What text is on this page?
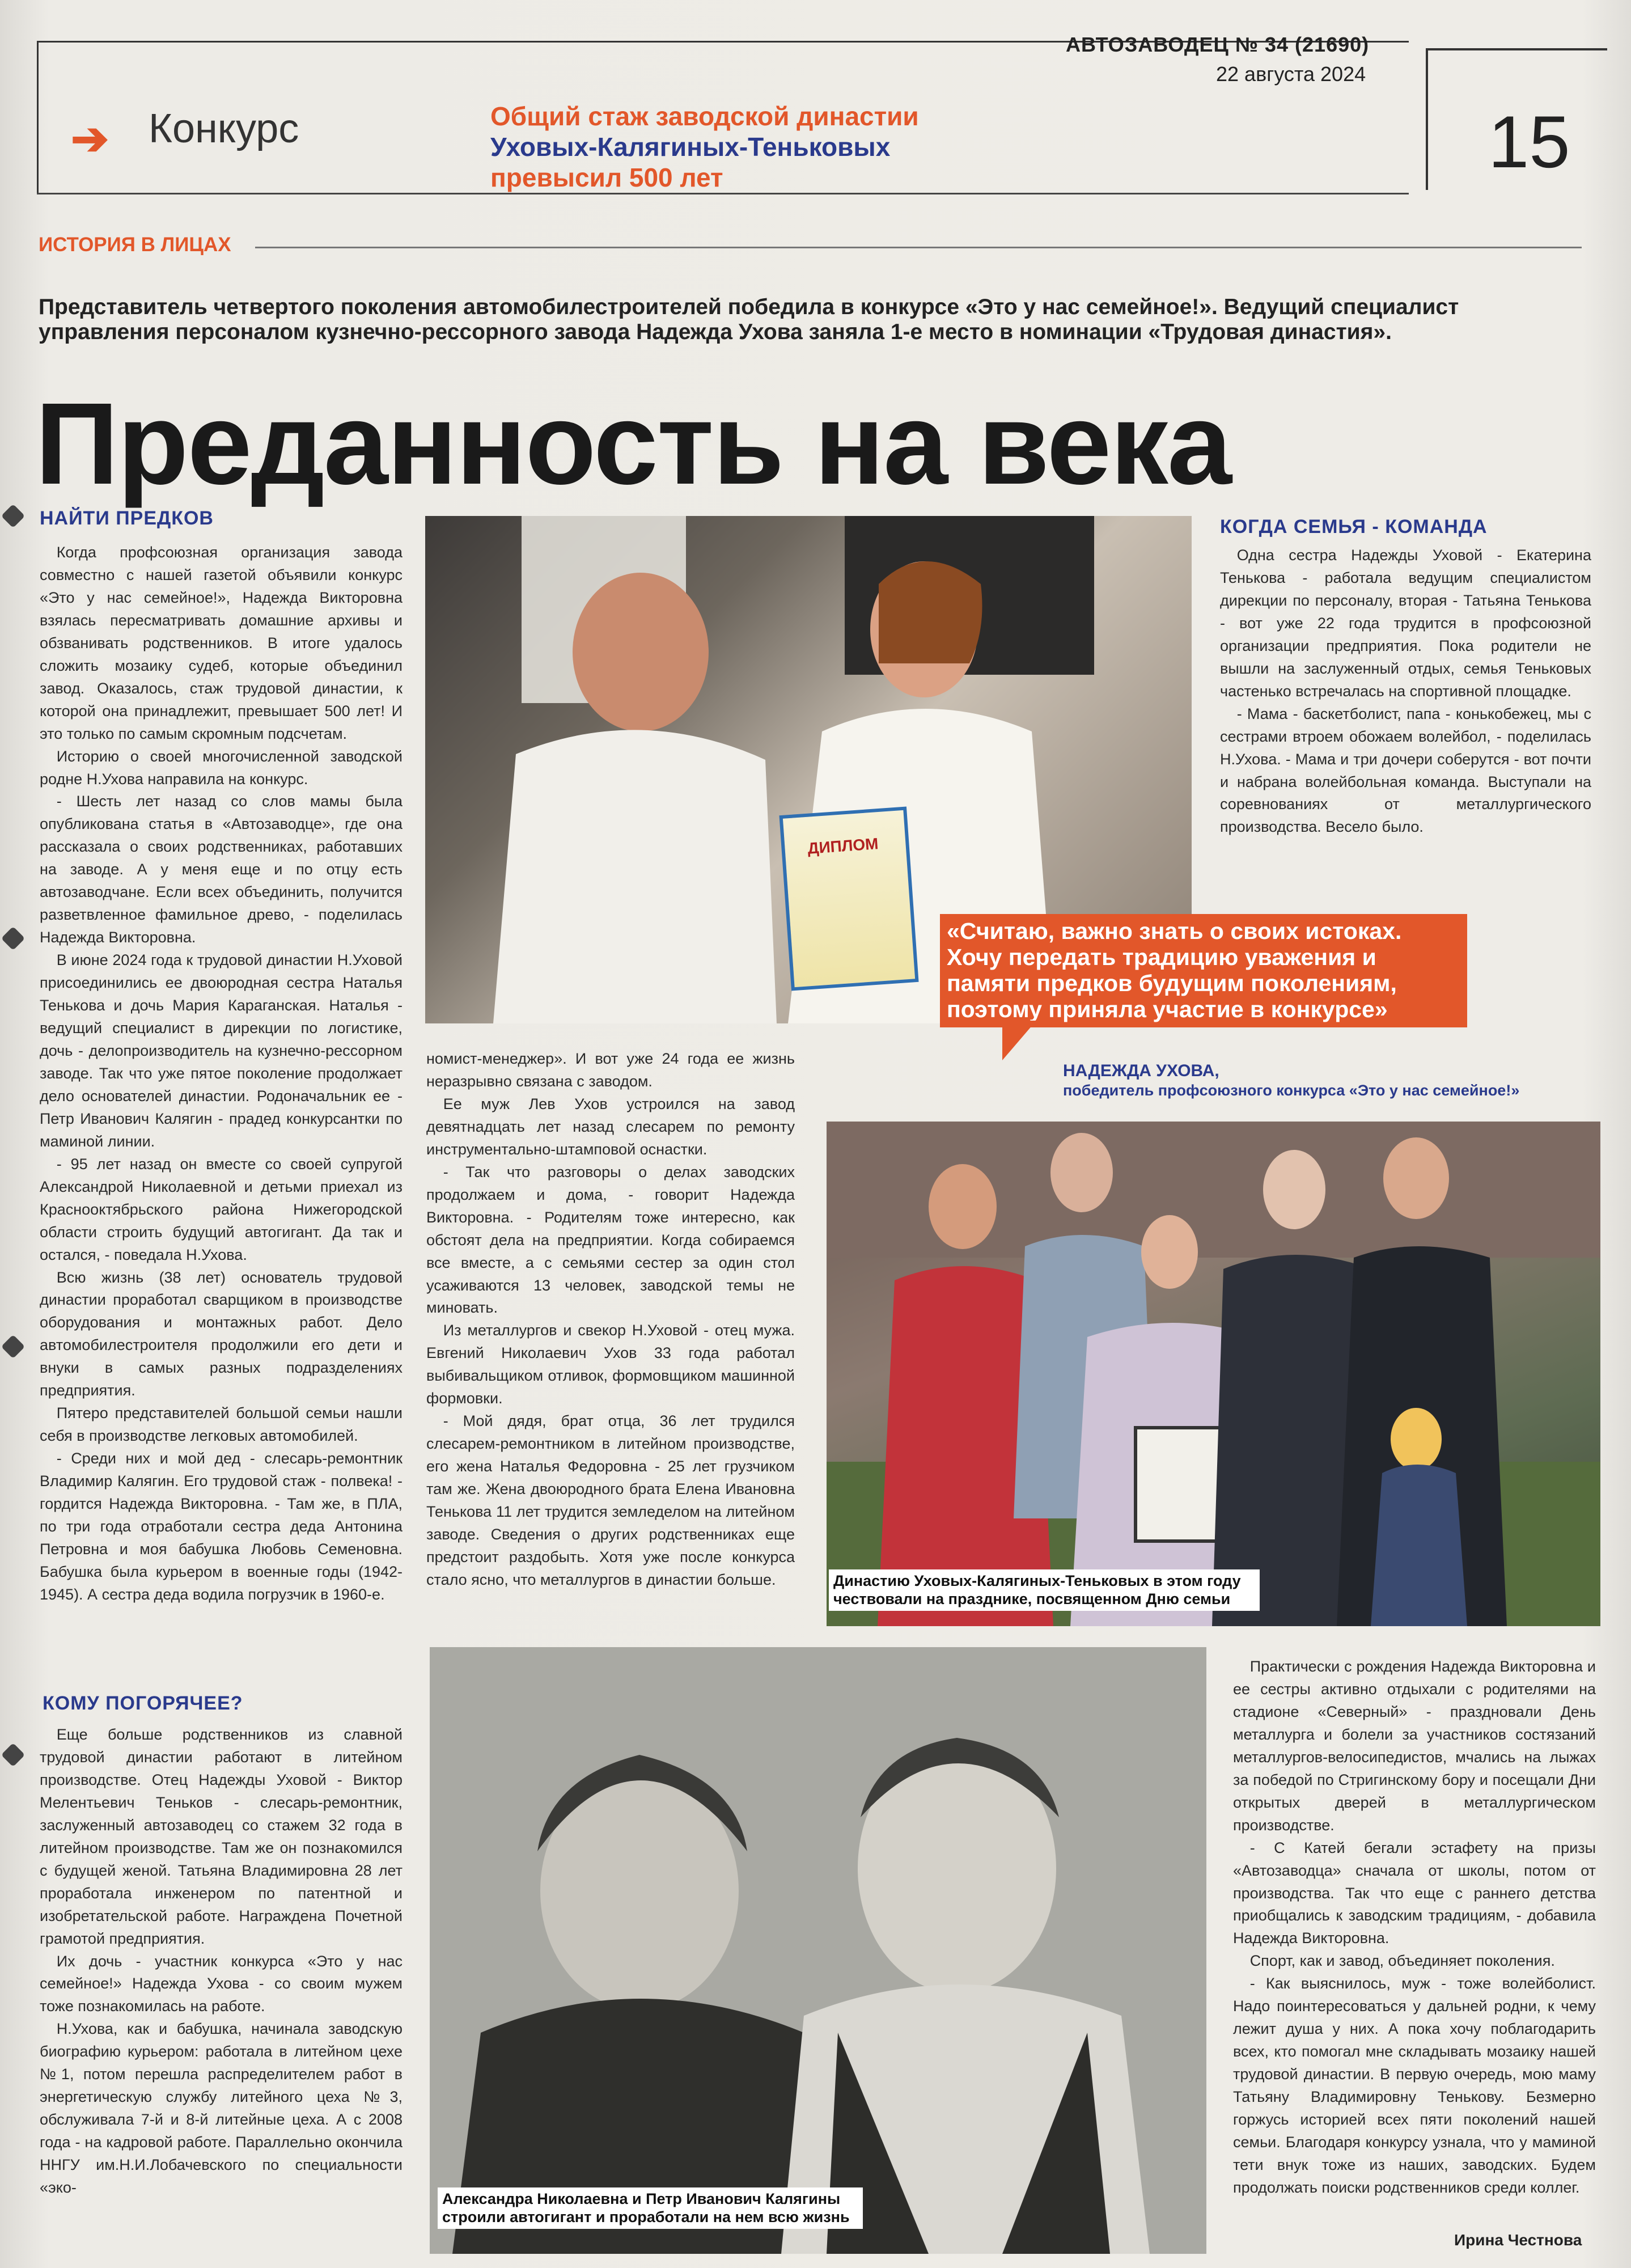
АВТОЗАВОДЕЦ № 34 (21690)
22 августа 2024
15
➔ Конкурс	Общий стаж заводской династии
Уховых-Калягиных-Теньковых
превысил 500 лет
ИСТОРИЯ В ЛИЦАХ
Представитель четвертого поколения автомобилестроителей победила в конкурсе «Это у нас семейное!». Ведущий специалист управления персоналом кузнечно-рессорного завода Надежда Ухова заняла 1-е место в номинации «Трудовая династия».
Преданность на века
НАЙТИ ПРЕДКОВ

Когда профсоюзная организация завода совместно с нашей газетой объявили конкурс «Это у нас семейное!», Надежда Викторовна взялась пересматривать домашние архивы и обзванивать родственников. В итоге удалось сложить мозаику судеб, которые объединил завод. Оказалось, стаж трудовой династии, к которой она принадлежит, превышает 500 лет! И это только по самым скромным подсчетам.

Историю о своей многочисленной заводской родне Н.Ухова направила на конкурс.

- Шесть лет назад со слов мамы была опубликована статья в «Автозаводце», где она рассказала о своих родственниках, работавших на заводе. А у меня еще и по отцу есть автозаводчане. Если всех объединить, получится разветвленное фамильное древо, - поделилась Надежда Викторовна.

В июне 2024 года к трудовой династии Н.Уховой присоединились ее двоюродная сестра Наталья Тенькова и дочь Мария Караганская. Наталья - ведущий специалист в дирекции по логистике, дочь - делопроизводитель на кузнечно-рессорном заводе. Так что уже пятое поколение продолжает дело основателей династии. Родоначальник ее - Петр Иванович Калягин - прадед конкурсантки по маминой линии.

- 95 лет назад он вместе со своей супругой Александрой Николаевной и детьми приехал из Краснооктябрьского района Нижегородской области строить будущий автогигант. Да так и остался, - поведала Н.Ухова.

Всю жизнь (38 лет) основатель трудовой династии проработал сварщиком в производстве оборудования и монтажных работ. Дело автомобилестроителя продолжили его дети и внуки в самых разных подразделениях предприятия.

Пятеро представителей большой семьи нашли себя в производстве легковых автомобилей.

- Среди них и мой дед - слесарь-ремонтник Владимир Калягин. Его трудовой стаж - полвека! - гордится Надежда Викторовна. - Там же, в ПЛА, по три года отработали сестра деда Антонина Петровна и моя бабушка Любовь Семеновна. Бабушка была курьером в военные годы (1942-1945). А сестра деда водила погрузчик в 1960-е.

ДИПЛОМ
«Считаю, важно знать о своих истоках. Хочу передать традицию уважения и памяти предков будущим поколениям, поэтому приняла участие в конкурсе»
НАДЕЖДА УХОВА,
победитель профсоюзного конкурса «Это у нас семейное!»
КОГДА СЕМЬЯ - КОМАНДА

Одна сестра Надежды Уховой - Екатерина Тенькова - работала ведущим специалистом дирекции по персоналу, вторая - Татьяна Тенькова - вот уже 22 года трудится в профсоюзной организации предприятия. Пока родители не вышли на заслуженный отдых, семья Теньковых частенько встречалась на спортивной площадке.

- Мама - баскетболист, папа - конькобежец, мы с сестрами втроем обожаем волейбол, - поделилась Н.Ухова. - Мама и три дочери соберутся - вот почти и набрана волейбольная команда. Выступали на соревнованиях от металлургического производства. Весело было.

номист-менеджер». И вот уже 24 года ее жизнь неразрывно связана с заводом.

Ее муж Лев Ухов устроился на завод девятнадцать лет назад слесарем по ремонту инструментально-штамповой оснастки.

- Так что разговоры о делах заводских продолжаем и дома, - говорит Надежда Викторовна. - Родителям тоже интересно, как обстоят дела на предприятии. Когда собираемся все вместе, а с семьями сестер за один стол усаживаются 13 человек, заводской темы не миновать.

Из металлургов и свекор Н.Уховой - отец мужа. Евгений Николаевич Ухов 33 года работал выбивальщиком отливок, формовщиком машинной формовки.

- Мой дядя, брат отца, 36 лет трудился слесарем-ремонтником в литейном производстве, его жена Наталья Федоровна - 25 лет грузчиком там же. Жена двоюродного брата Елена Ивановна Тенькова 11 лет трудится земледелом на литейном заводе. Сведения о других родственниках еще предстоит раздобыть. Хотя уже после конкурса стало ясно, что металлургов в династии больше.	Династию Уховых-Калягиных-Теньковых в этом году чествовали на празднике, посвященном Дню семьи
КОМУ ПОГОРЯЧЕЕ?

Еще больше родственников из славной трудовой династии работают в литейном производстве. Отец Надежды Уховой - Виктор Мелентьевич Теньков - слесарь-ремонтник, заслуженный автозаводец со стажем 32 года в литейном производстве. Там же он познакомился с будущей женой. Татьяна Владимировна 28 лет проработала инженером по патентной и изобретательской работе. Награждена Почетной грамотой предприятия.

Их дочь - участник конкурса «Это у нас семейное!» Надежда Ухова - со своим мужем тоже познакомилась на работе.

Н.Ухова, как и бабушка, начинала заводскую биографию курьером: работала в литейном цехе №1, потом перешла распределителем работ в энергетическую службу литейного цеха №3, обслуживала 7-й и 8-й литейные цеха. А с 2008 года - на кадровой работе. Параллельно окончила ННГУ им.Н.И.Лобачевского по специальности «эко-

Александра Николаевна и Петр Иванович Калягины строили автогигант и проработали на нем всю жизнь

Практически с рождения Надежда Викторовна и ее сестры активно отдыхали с родителями на стадионе «Северный» - праздновали День металлурга и болели за участников состязаний металлургов-велосипедистов, мчались на лыжах за победой по Стригинскому бору и посещали Дни открытых дверей в металлургическом производстве.

- С Катей бегали эстафету на призы «Автозаводца» сначала от школы, потом от производства. Так что еще с раннего детства приобщались к заводским традициям, - добавила Надежда Викторовна.

Спорт, как и завод, объединяет поколения.

- Как выяснилось, муж - тоже волейболист. Надо поинтересоваться у дальней родни, к чему лежит душа у них. А пока хочу поблагодарить всех, кто помогал мне складывать мозаику нашей трудовой династии. В первую очередь, мою маму Татьяну Владимировну Тенькову. Безмерно горжусь историей всех пяти поколений нашей семьи. Благодаря конкурсу узнала, что у маминой тети внук тоже из наших, заводских. Будем продолжать поиски родственников среди коллег.

Ирина Честнова
